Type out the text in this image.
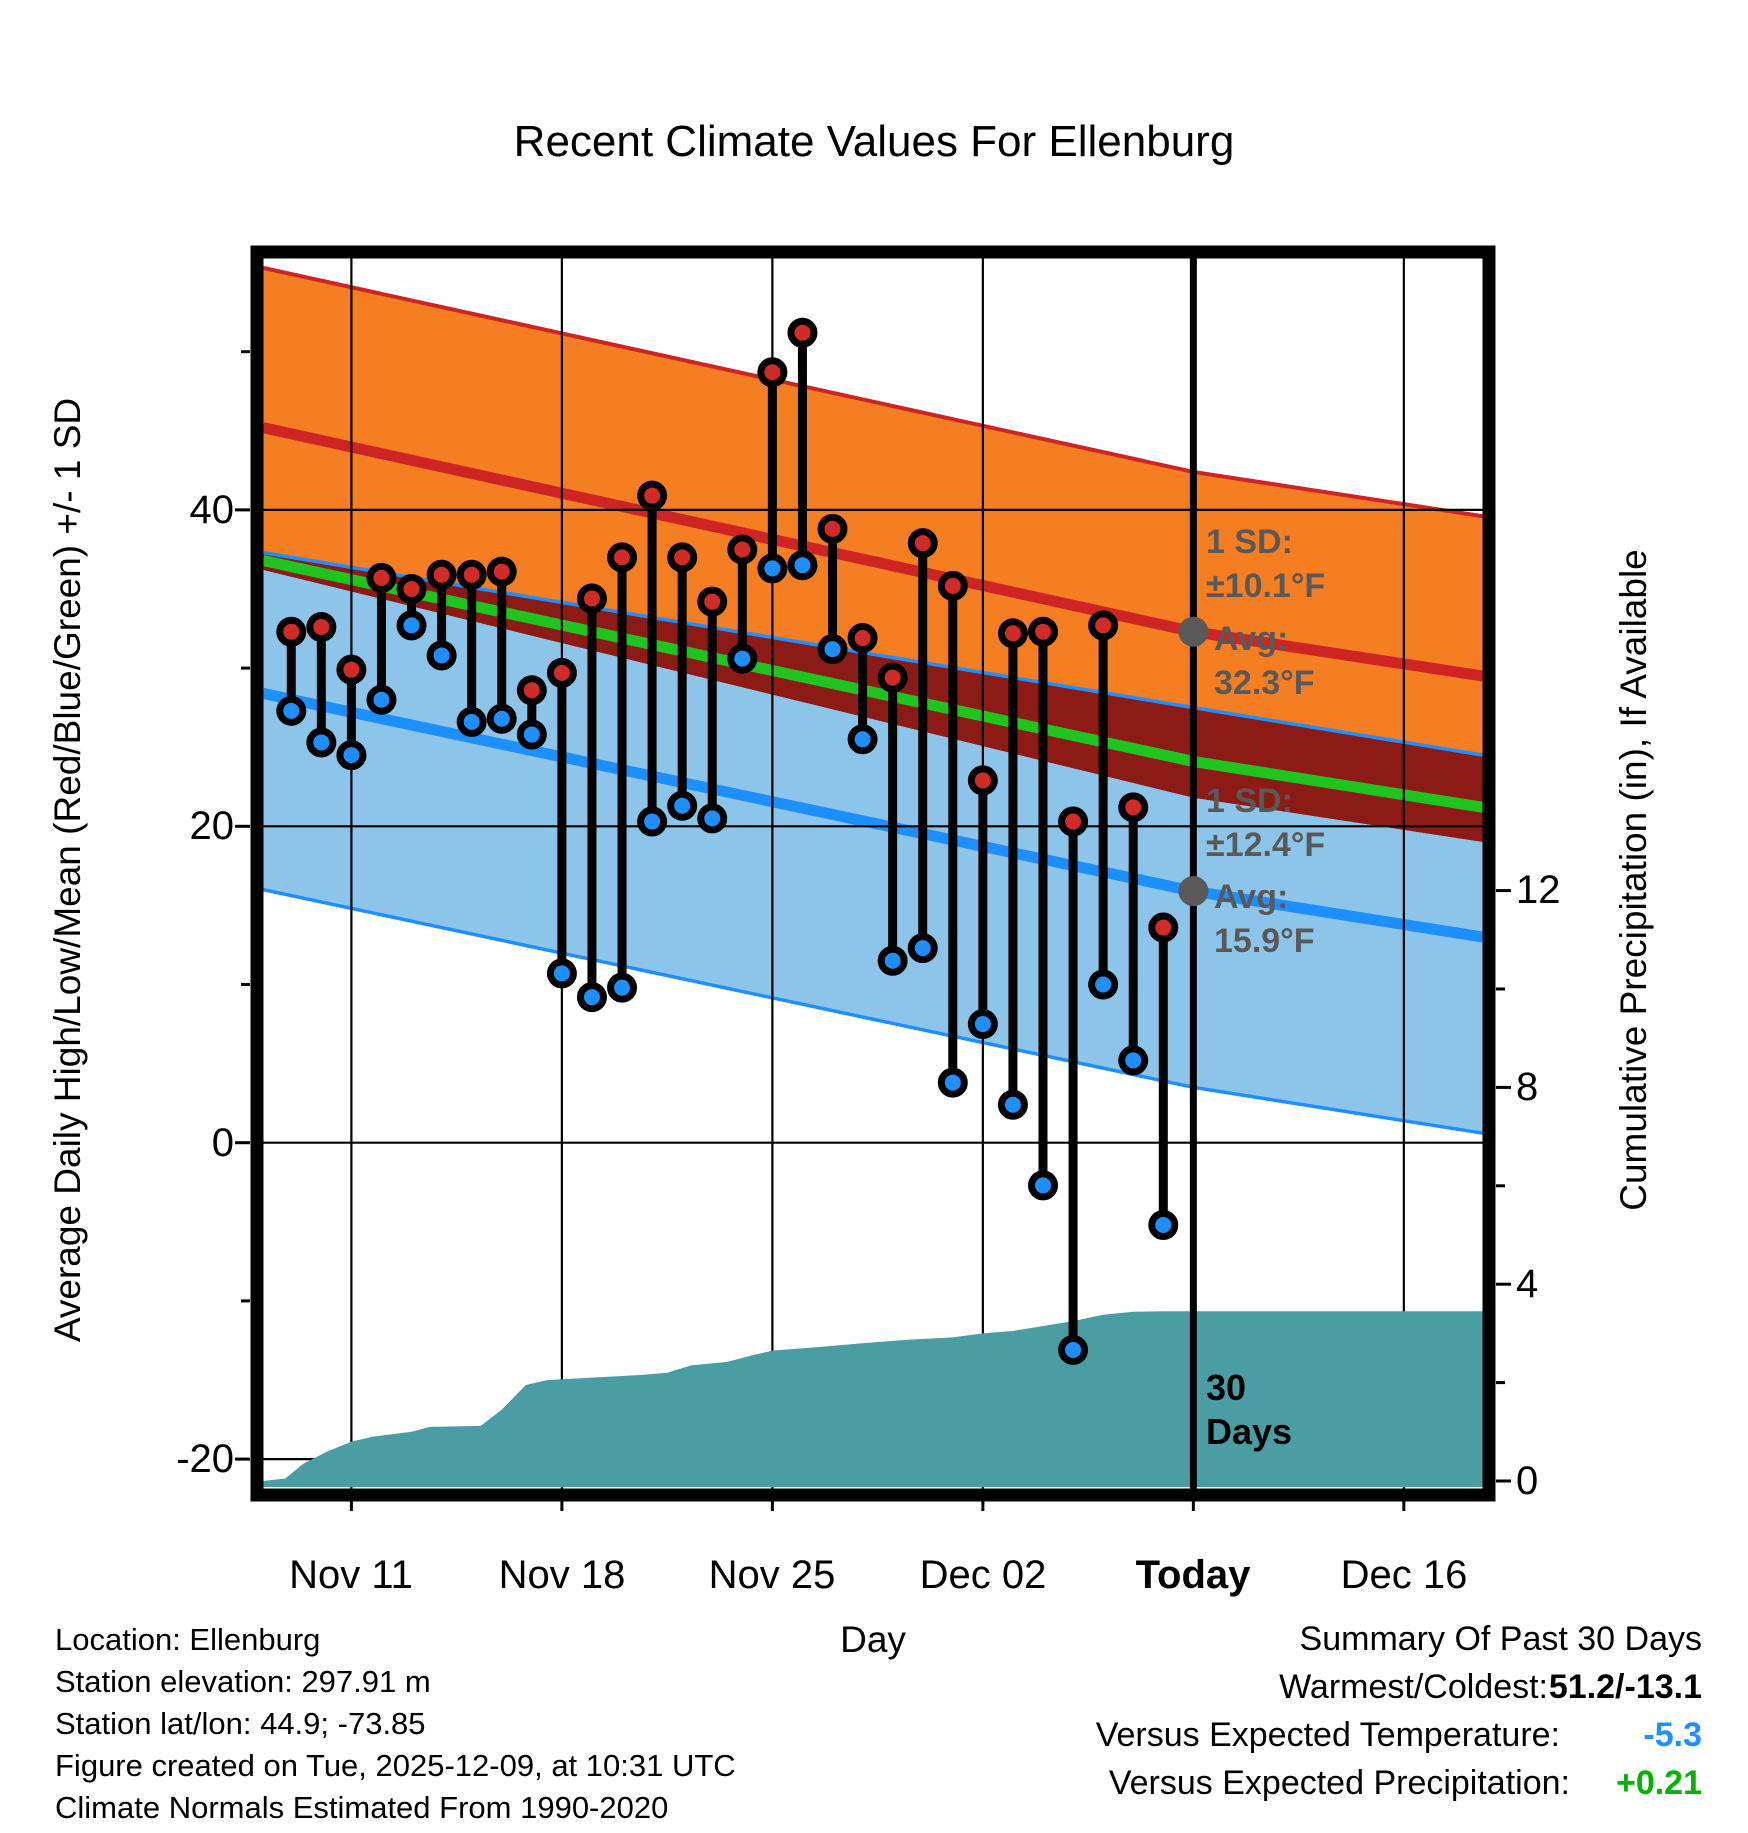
Recent Climate Values For Ellenburg
1 SD:
±10.1°F
Avg:
32.3°F
1 SD:
±12.4°F
Avg:
15.9°F
30
Days
40
20
0
-20
12
8
4
0
Nov 11 Nov 18 Nov 25 Dec 02 Today Dec 16
Average Daily High/Low/Mean (Red/Blue/Green) +/- 1 SD	Cumulative Precipitation (in), If Available
Day
Location: Ellenburg
Station elevation: 297.91 m
Station lat/lon: 44.9; -73.85
Figure created on Tue, 2025-12-09, at 10:31 UTC
Climate Normals Estimated From 1990-2020
Summary Of Past 30 Days
Warmest/Coldest: 51.2/-13.1
Versus Expected Temperature: -5.3
Versus Expected Precipitation: +0.21
